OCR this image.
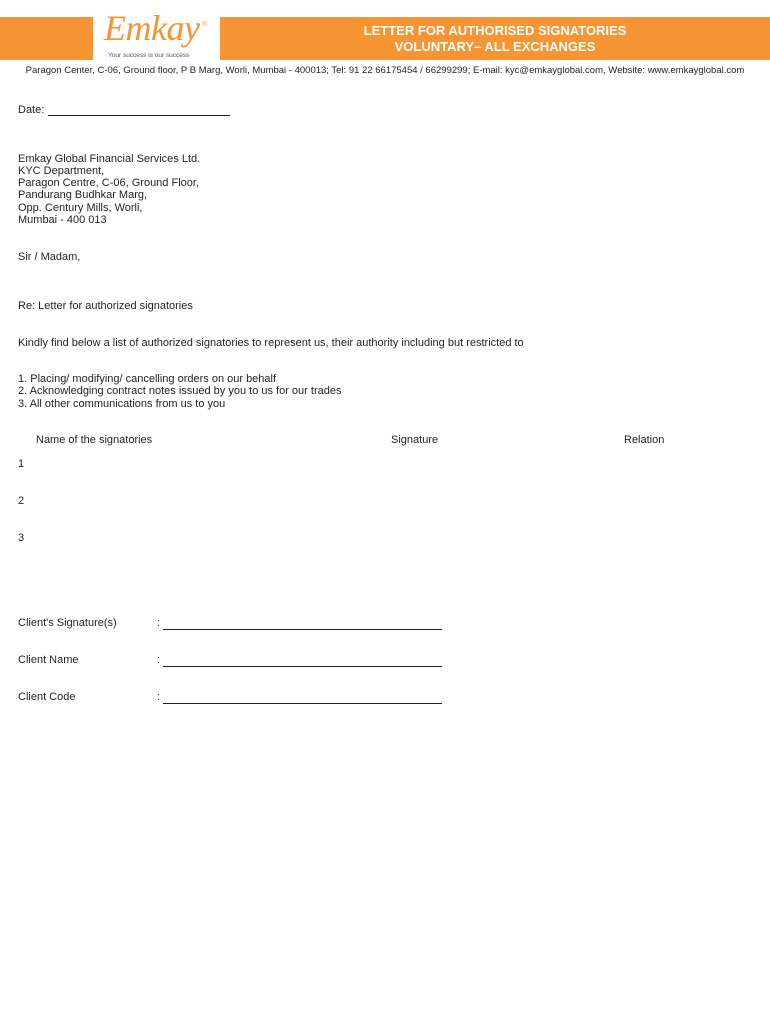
Emkay ®
Your success is our success
LETTER FOR AUTHORISED SIGNATORIES
VOLUNTARY– ALL EXCHANGES
Paragon Center, C-06, Ground floor, P B Marg, Worli, Mumbai - 400013; Tel: 91 22 66175454 / 66299299; E-mail: kyc@emkayglobal.com, Website: www.emkayglobal.com
Date:
Emkay Global Financial Services Ltd.
KYC Department,
Paragon Centre, C-06, Ground Floor,
Pandurang Budhkar Marg,
Opp. Century Mills, Worli,
Mumbai - 400 013
Sir / Madam,
Re: Letter for authorized signatories
Kindly find below a list of authorized signatories to represent us, their authority including but restricted to
1. Placing/ modifying/ cancelling orders on our behalf
2. Acknowledging contract notes issued by you to us for our trades
3. All other communications from us to you
Name of the signatories	Signature	Relation
1
2
3
Client's Signature(s)	:
Client Name	:
Client Code	:
